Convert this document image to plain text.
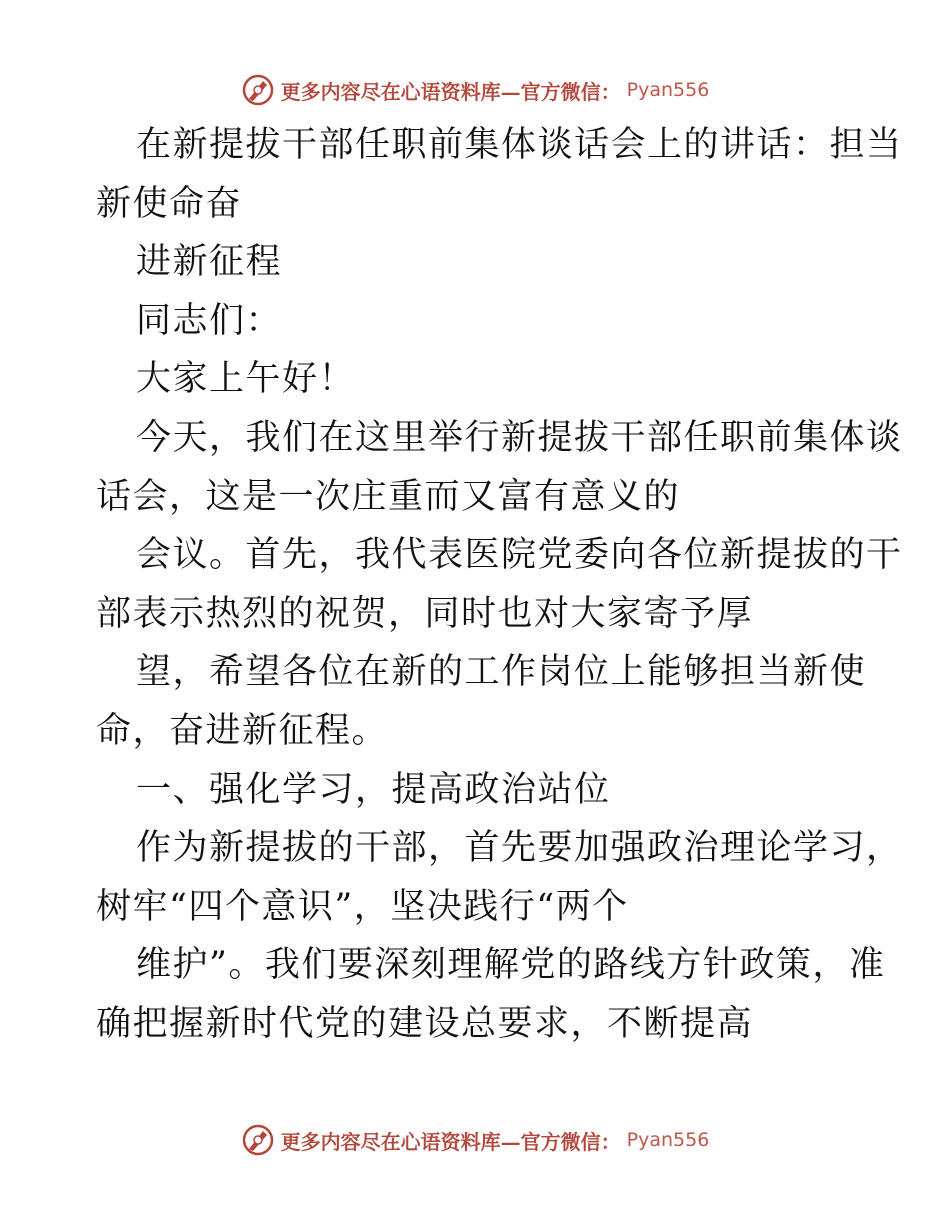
更多内容尽在心语资料库—官方微信： Pyan556
在新提拔干部任职前集体谈话会上的讲话：担当
新使命奋
进新征程
同志们：
大家上午好！
今天，我们在这里举行新提拔干部任职前集体谈
话会，这是一次庄重而又富有意义的
会议。首先，我代表医院党委向各位新提拔的干
部表示热烈的祝贺，同时也对大家寄予厚
望，希望各位在新的工作岗位上能够担当新使
命，奋进新征程。
一、强化学习，提高政治站位
作为新提拔的干部，首先要加强政治理论学习，
树牢“四个意识”，坚决践行“两个
维护”。我们要深刻理解党的路线方针政策，准
确把握新时代党的建设总要求，不断提高
更多内容尽在心语资料库—官方微信： Pyan556
